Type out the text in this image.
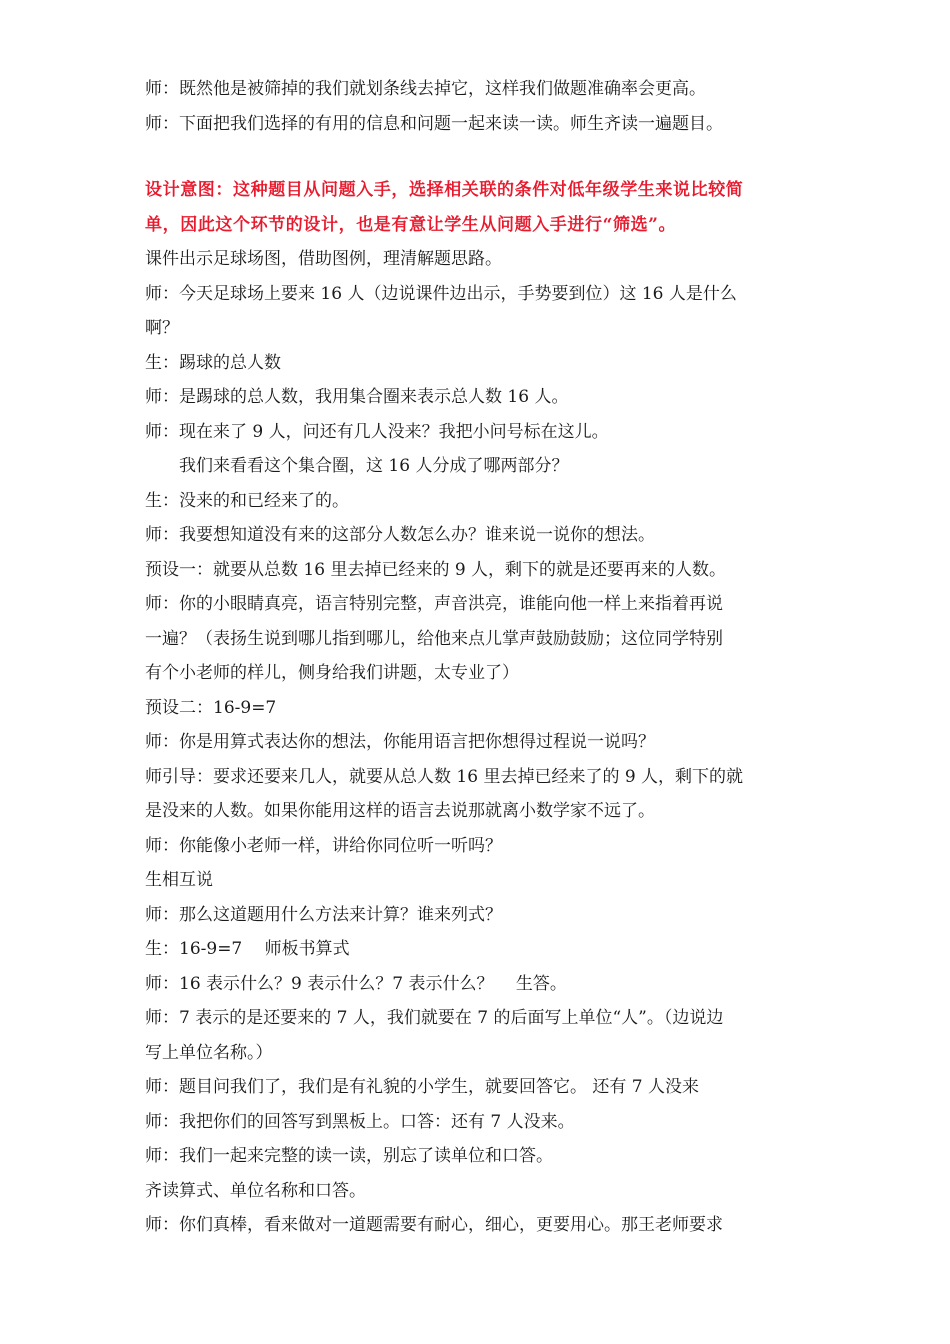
师：既然他是被筛掉的我们就划条线去掉它，这样我们做题准确率会更高。
师：下面把我们选择的有用的信息和问题一起来读一读。师生齐读一遍题目。
设计意图：这种题目从问题入手，选择相关联的条件对低年级学生来说比较简
单，因此这个环节的设计，也是有意让学生从问题入手进行“筛选”。
课件出示足球场图，借助图例，理清解题思路。
师：今天足球场上要来 16 人（边说课件边出示，手势要到位）这 16 人是什么
啊？
生：踢球的总人数
师：是踢球的总人数，我用集合圈来表示总人数 16 人。
师：现在来了 9 人，问还有几人没来？我把小问号标在这儿。
我们来看看这个集合圈，这 16 人分成了哪两部分？
生：没来的和已经来了的。
师：我要想知道没有来的这部分人数怎么办？谁来说一说你的想法。
预设一：就要从总数 16 里去掉已经来的 9 人，剩下的就是还要再来的人数。
师：你的小眼睛真亮，语言特别完整，声音洪亮，谁能向他一样上来指着再说
一遍？（表扬生说到哪儿指到哪儿，给他来点儿掌声鼓励鼓励；这位同学特别
有个小老师的样儿，侧身给我们讲题，太专业了）
预设二：16-9=7
师：你是用算式表达你的想法，你能用语言把你想得过程说一说吗？
师引导：要求还要来几人，就要从总人数 16 里去掉已经来了的 9 人，剩下的就
是没来的人数。如果你能用这样的语言去说那就离小数学家不远了。
师：你能像小老师一样，讲给你同位听一听吗？
生相互说
师：那么这道题用什么方法来计算？谁来列式？
生：16-9=7　 师板书算式
师：16 表示什么？9 表示什么？7 表示什么？　 生答。
师：7 表示的是还要来的 7 人，我们就要在 7 的后面写上单位“人”。（边说边
写上单位名称。）
师：题目问我们了，我们是有礼貌的小学生，就要回答它。 还有 7 人没来
师：我把你们的回答写到黑板上。口答：还有 7 人没来。
师：我们一起来完整的读一读，别忘了读单位和口答。
齐读算式、单位名称和口答。
师：你们真棒，看来做对一道题需要有耐心，细心，更要用心。那王老师要求
